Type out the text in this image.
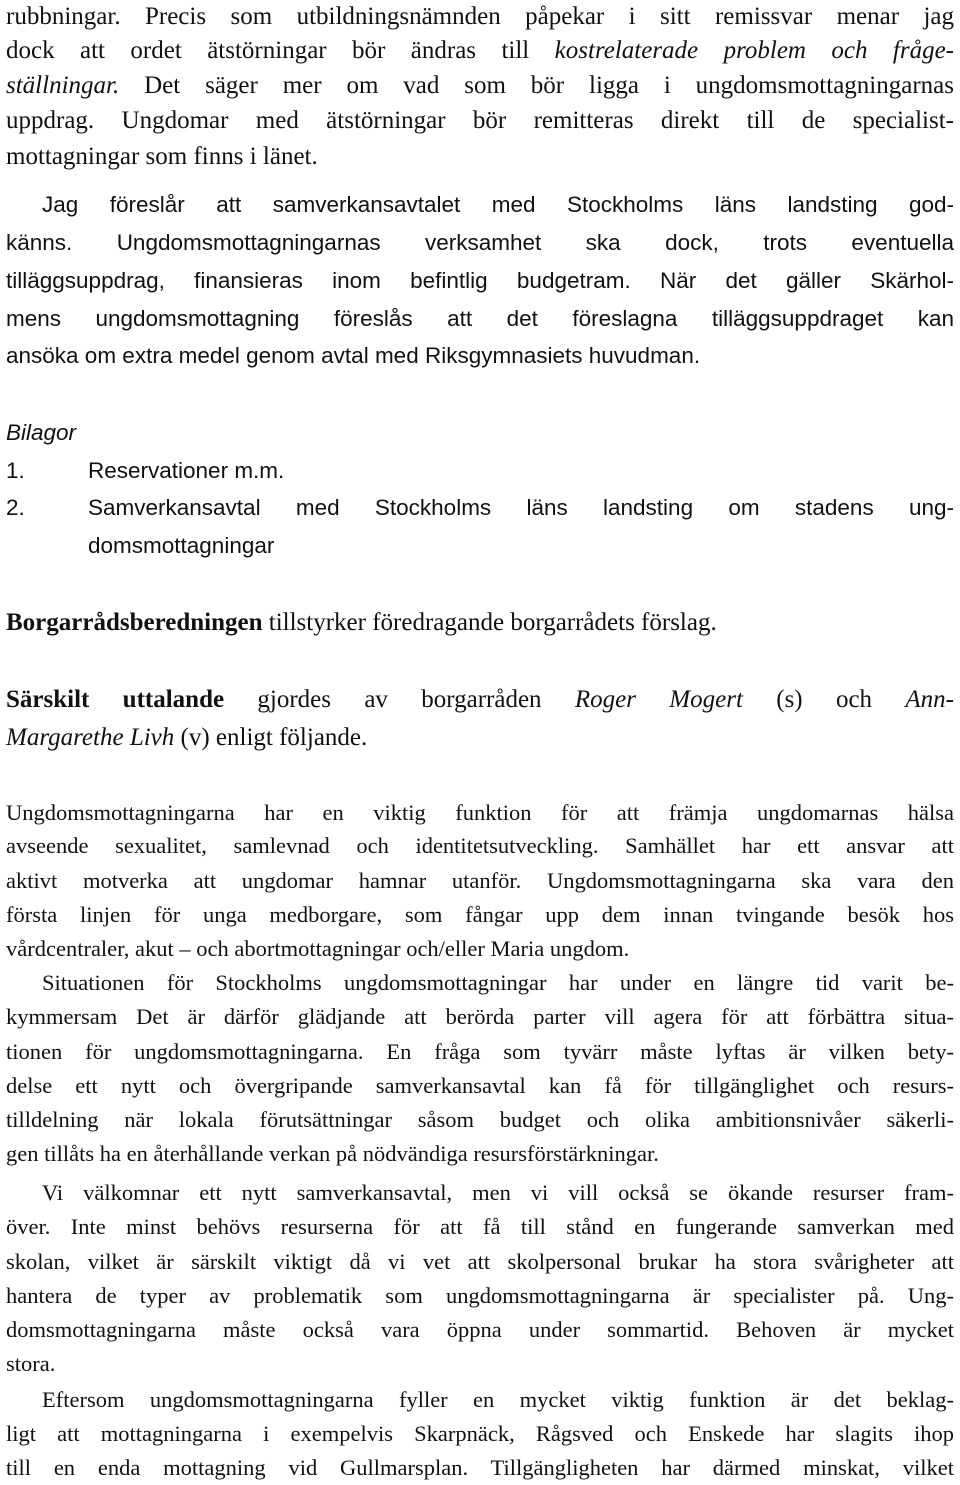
rubbningar. Precis som utbildningsnämnden påpekar i sitt remissvar menar jag

dock att ordet ätstörningar bör ändras till kostrelaterade problem och fråge-

ställningar. Det säger mer om vad som bör ligga i ungdomsmottagningarnas

uppdrag. Ungdomar med ätstörningar bör remitteras direkt till de specialist-

mottagningar som finns i länet.

Jag föreslår att samverkansavtalet med Stockholms läns landsting god-

känns. Ungdomsmottagningarnas verksamhet ska dock, trots eventuella

tilläggsuppdrag, finansieras inom befintlig budgetram. När det gäller Skärhol-

mens ungdomsmottagning föreslås att det föreslagna tilläggsuppdraget kan

ansöka om extra medel genom avtal med Riksgymnasiets huvudman.

Bilagor

1.	Reservationer m.m.

2.	Samverkansavtal med Stockholms läns landsting om stadens ung-

domsmottagningar

Borgarrådsberedningen tillstyrker föredragande borgarrådets förslag.

Särskilt uttalande gjordes av borgarråden Roger Mogert (s) och Ann-

Margarethe Livh (v) enligt följande.

Ungdomsmottagningarna har en viktig funktion för att främja ungdomarnas hälsa

avseende sexualitet, samlevnad och identitetsutveckling. Samhället har ett ansvar att

aktivt motverka att ungdomar hamnar utanför. Ungdomsmottagningarna ska vara den

första linjen för unga medborgare, som fångar upp dem innan tvingande besök hos

vårdcentraler, akut – och abortmottagningar och/eller Maria ungdom.

Situationen för Stockholms ungdomsmottagningar har under en längre tid varit be-

kymmersam Det är därför glädjande att berörda parter vill agera för att förbättra situa-

tionen för ungdomsmottagningarna. En fråga som tyvärr måste lyftas är vilken bety-

delse ett nytt och övergripande samverkansavtal kan få för tillgänglighet och resurs-

tilldelning när lokala förutsättningar såsom budget och olika ambitionsnivåer säkerli-

gen tillåts ha en återhållande verkan på nödvändiga resursförstärkningar.

Vi välkomnar ett nytt samverkansavtal, men vi vill också se ökande resurser fram-

över. Inte minst behövs resurserna för att få till stånd en fungerande samverkan med

skolan, vilket är särskilt viktigt då vi vet att skolpersonal brukar ha stora svårigheter att

hantera de typer av problematik som ungdomsmottagningarna är specialister på. Ung-

domsmottagningarna måste också vara öppna under sommartid. Behoven är mycket

stora.

Eftersom ungdomsmottagningarna fyller en mycket viktig funktion är det beklag-

ligt att mottagningarna i exempelvis Skarpnäck, Rågsved och Enskede har slagits ihop

till en enda mottagning vid Gullmarsplan. Tillgängligheten har därmed minskat, vilket
